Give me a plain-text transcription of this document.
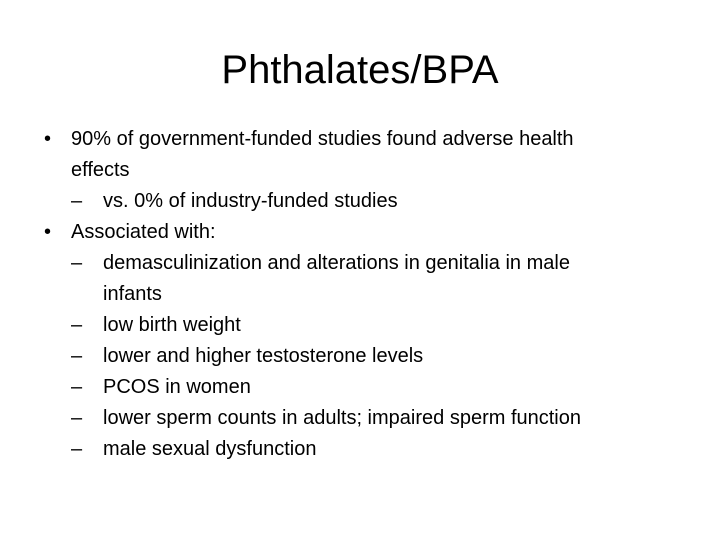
Phthalates/BPA
• 90% of government-funded studies found adverse health
effects
– vs. 0% of industry-funded studies
• Associated with:
– demasculinization and alterations in genitalia in male
infants
– low birth weight
– lower and higher testosterone levels
– PCOS in women
– lower sperm counts in adults; impaired sperm function
– male sexual dysfunction
